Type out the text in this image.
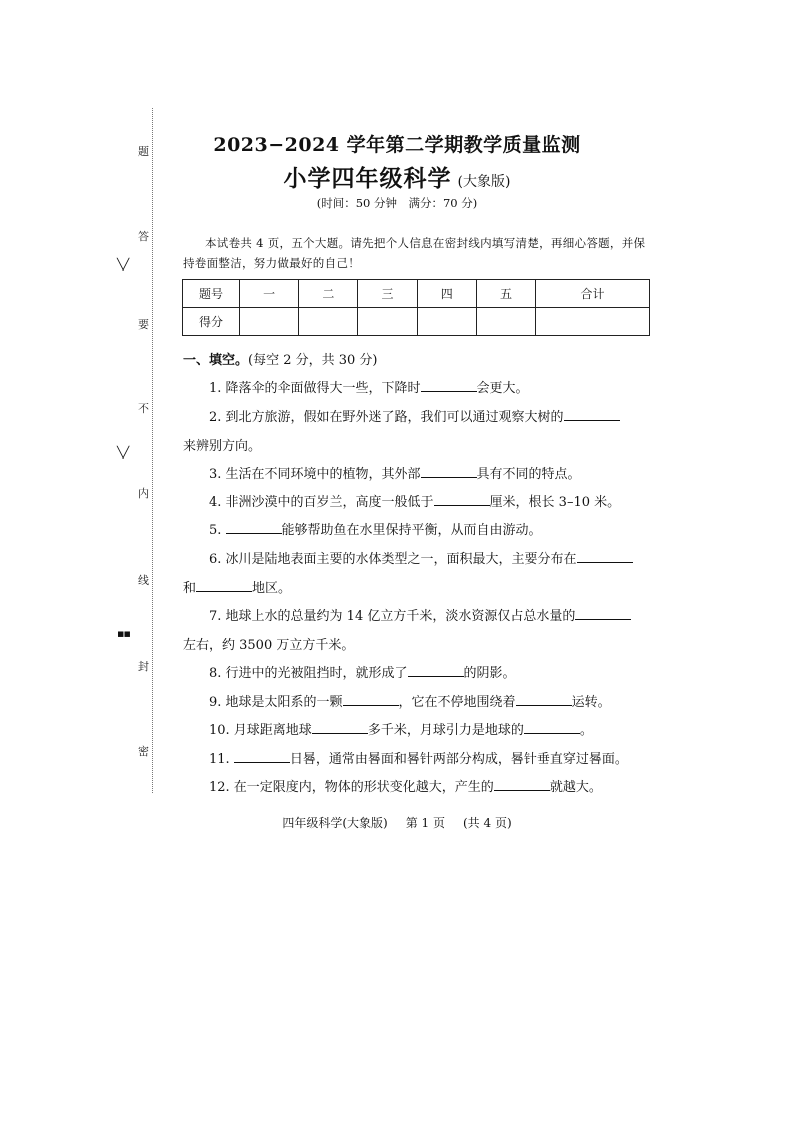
题
答
╲╱
要
不
╲╱
内
线
▪▪
封
密
2023−2024 学年第二学期教学质量监测
小学四年级科学 (大象版)
(时间：50 分钟　满分：70 分)
本试卷共 4 页，五个大题。请先把个人信息在密封线内填写清楚，再细心答题，并保持卷面整洁，努力做最好的自己！
题号	一	二	三	四	五	合计
得分						
一、填空。(每空 2 分，共 30 分)
1. 降落伞的伞面做得大一些，下降时	会更大。
2. 到北方旅游，假如在野外迷了路，我们可以通过观察大树的
来辨别方向。
3. 生活在不同环境中的植物，其外部	具有不同的特点。
4. 非洲沙漠中的百岁兰，高度一般低于	厘米，根长 3–10 米。
5.	能够帮助鱼在水里保持平衡，从而自由游动。
6. 冰川是陆地表面主要的水体类型之一，面积最大，主要分布在
和	地区。
7. 地球上水的总量约为 14 亿立方千米，淡水资源仅占总水量的
左右，约 3500 万立方千米。
8. 行进中的光被阻挡时，就形成了	的阴影。
9. 地球是太阳系的一颗	，它在不停地围绕着	运转。
10. 月球距离地球	多千米，月球引力是地球的	。
11.	日晷，通常由晷面和晷针两部分构成，晷针垂直穿过晷面。
12. 在一定限度内，物体的形状变化越大，产生的	就越大。
四年级科学(大象版) 第 1 页 (共 4 页)
